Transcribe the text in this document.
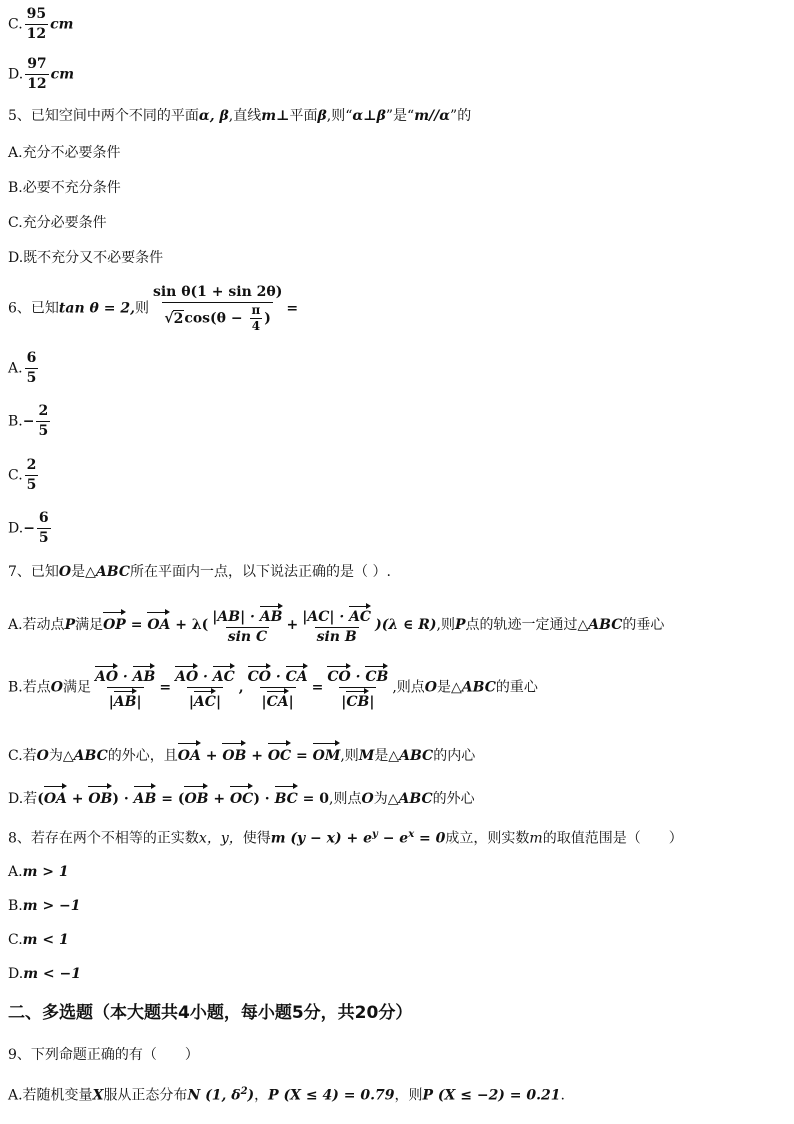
C. $\frac{95}{12}$ cm
D. $\frac{97}{12}$ cm
5、已知空间中两个不同的平面α, β,直线m⊥平面β,则“α⊥β”是“m//α”的
A.充分不必要条件
B.必要不充分条件
C.充分必要条件
D.既不充分又不必要条件
6、已知tan θ = 2,则 $\frac{\text{sin θ(1 + sin 2θ)}}{√2\cos(\theta - \frac{\pi}{4} )}$ =
A. $\frac{6}{5}$
$B.- \frac{2}{5}$
C. $\frac{2}{5}$
$D.- \frac{6}{5}$
7、已知O是△ABC所在平面内一点，以下说法正确的是（ ）.
A.若动点P满足OP = OA + $\lambda( \frac{|AB| \cdot AB}{\text{sin C}} + \frac{|AC| \cdot AC}{\text{sin B}} )(\lambda$ ∈ R),则P点的轨迹一定通过△ABC的垂心
B.若点O满足 $\frac{AO \cdot AB}{|AB|} = \frac{AO \cdot AC}{|AC|}$ , $\frac{CO \cdot CA}{|CA|} = \frac{CO \cdot CB}{|CB|}$ ,则点O是△ABC的重心
C.若O为△ABC的外心，且OA + OB + OC = OM,则M是△ABC的内心
D.若(OA + OB) · AB = (OB + OC) · BC = 0,则点O为△ABC的外心
8、若存在两个不相等的正实数x，y，使得m $(y - x) + e^y - e^x = 0$成立，则实数m的取值范围是（　　）
A.m > 1
B.m > −1
C.m < 1
D.m < −1
二、多选题（本大题共4小题，每小题5分，共20分）
9、下列命题正确的有（　　）
A.若随机变量X服从正态分布N (1, $\delta^2$)，P (X ≤ 4) = 0.79，则P (X ≤ −2) = 0.21.
